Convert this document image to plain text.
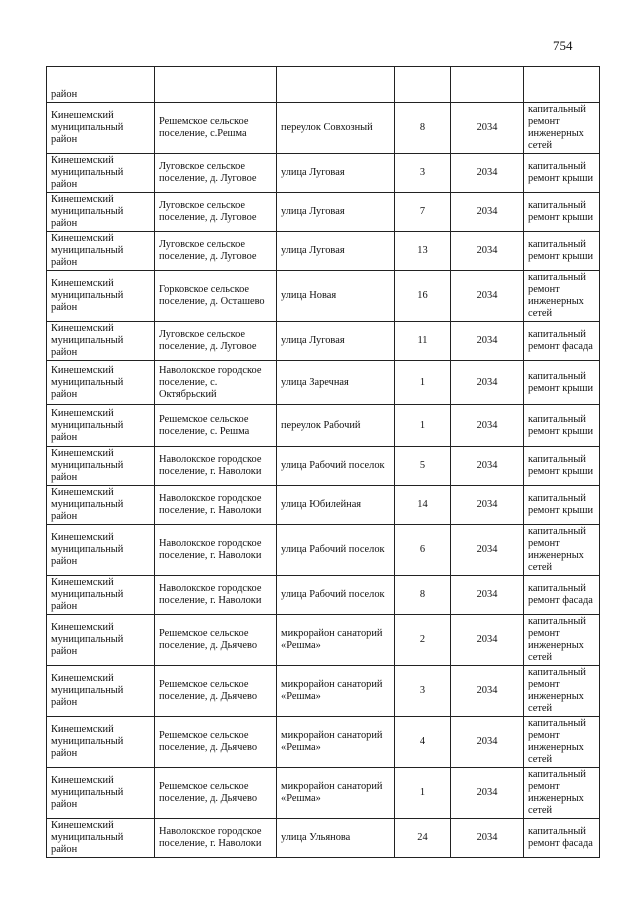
754
район					
Кинешемский муниципальный район	Решемское сельское поселение, с.Решма	переулок Совхозный	8	2034	капитальный ремонт инженерных сетей
Кинешемский муниципальный район	Луговское сельское поселение, д. Луговое	улица Луговая	3	2034	капитальный ремонт крыши
Кинешемский муниципальный район	Луговское сельское поселение, д. Луговое	улица Луговая	7	2034	капитальный ремонт крыши
Кинешемский муниципальный район	Луговское сельское поселение, д. Луговое	улица Луговая	13	2034	капитальный ремонт крыши
Кинешемский муниципальный район	Горковское сельское поселение, д. Осташево	улица Новая	16	2034	капитальный ремонт инженерных сетей
Кинешемский муниципальный район	Луговское сельское поселение, д. Луговое	улица Луговая	11	2034	капитальный ремонт фасада
Кинешемский муниципальный район	Наволокское городское поселение, с. Октябрьский	улица Заречная	1	2034	капитальный ремонт крыши
Кинешемский муниципальный район	Решемское сельское поселение, с. Решма	переулок Рабочий	1	2034	капитальный ремонт крыши
Кинешемский муниципальный район	Наволокское городское поселение, г. Наволоки	улица Рабочий поселок	5	2034	капитальный ремонт крыши
Кинешемский муниципальный район	Наволокское городское поселение, г. Наволоки	улица Юбилейная	14	2034	капитальный ремонт крыши
Кинешемский муниципальный район	Наволокское городское поселение, г. Наволоки	улица Рабочий поселок	6	2034	капитальный ремонт инженерных сетей
Кинешемский муниципальный район	Наволокское городское поселение, г. Наволоки	улица Рабочий поселок	8	2034	капитальный ремонт фасада
Кинешемский муниципальный район	Решемское сельское поселение, д. Дьячево	микрорайон санаторий «Решма»	2	2034	капитальный ремонт инженерных сетей
Кинешемский муниципальный район	Решемское сельское поселение, д. Дьячево	микрорайон санаторий «Решма»	3	2034	капитальный ремонт инженерных сетей
Кинешемский муниципальный район	Решемское сельское поселение, д. Дьячево	микрорайон санаторий «Решма»	4	2034	капитальный ремонт инженерных сетей
Кинешемский муниципальный район	Решемское сельское поселение, д. Дьячево	микрорайон санаторий «Решма»	1	2034	капитальный ремонт инженерных сетей
Кинешемский муниципальный район	Наволокское городское поселение, г. Наволоки	улица Ульянова	24	2034	капитальный ремонт фасада
